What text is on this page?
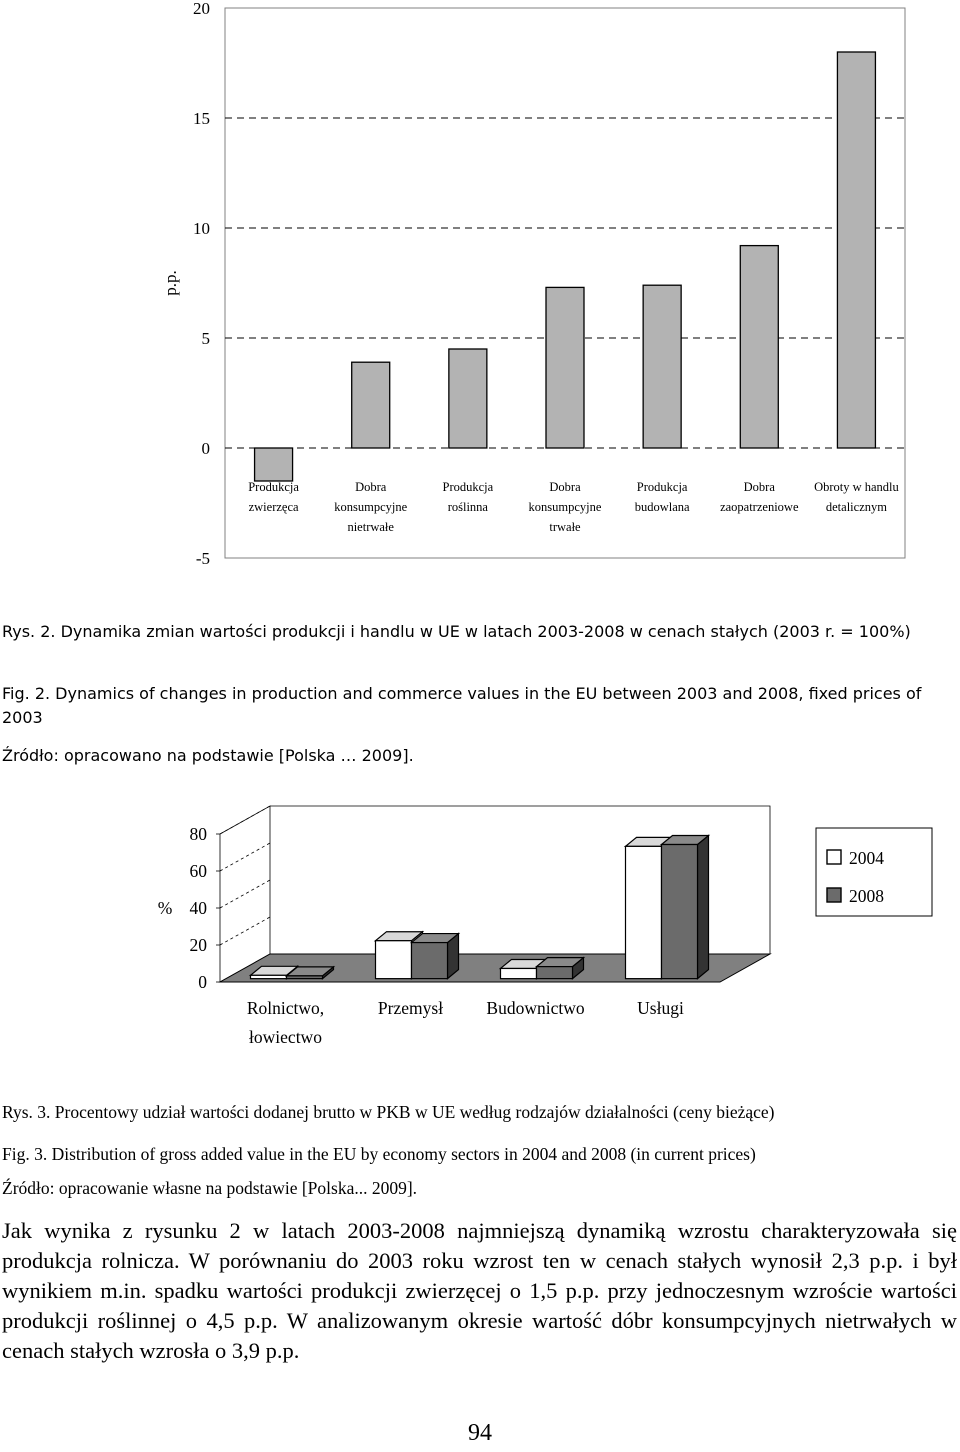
-5
0
5
10
15
20
p.p.
Produkcja
zwierzęca
Dobra
konsumpcyjne
nietrwałe
Produkcja
roślinna
Dobra
konsumpcyjne
trwałe
Produkcja
budowlana
Dobra
zaopatrzeniowe
Obroty w handlu
detalicznym
Rys. 2. Dynamika zmian wartości produkcji i handlu w UE w latach 2003-2008 w cenach stałych (2003 r. = 100%)
Fig. 2. Dynamics of changes in production and commerce values in the EU between 2003 and 2008, fixed prices of 2003
Źródło: opracowano na podstawie [Polska … 2009].
0
20
40
60
80
%
Rolnictwo,
łowiectwo
Przemysł Budownictwo	Usługi
2004
2008
Rys. 3. Procentowy udział wartości dodanej brutto w PKB w UE według rodzajów działalności (ceny bieżące)
Fig. 3. Distribution of gross added value in the EU by economy sectors in 2004 and 2008 (in current prices)
Źródło: opracowanie własne na podstawie [Polska... 2009].
Jak wynika z rysunku 2 w latach 2003-2008 najmniejszą dynamiką wzrostu charakteryzowała się produkcja rolnicza. W porównaniu do 2003 roku wzrost ten w cenach stałych wynosił 2,3 p.p. i był wynikiem m.in. spadku wartości produkcji zwierzęcej o 1,5 p.p. przy jednoczesnym wzroście wartości produkcji roślinnej o 4,5 p.p. W analizowanym okresie wartość dóbr konsumpcyjnych nietrwałych w cenach stałych wzrosła o 3,9 p.p.
94
